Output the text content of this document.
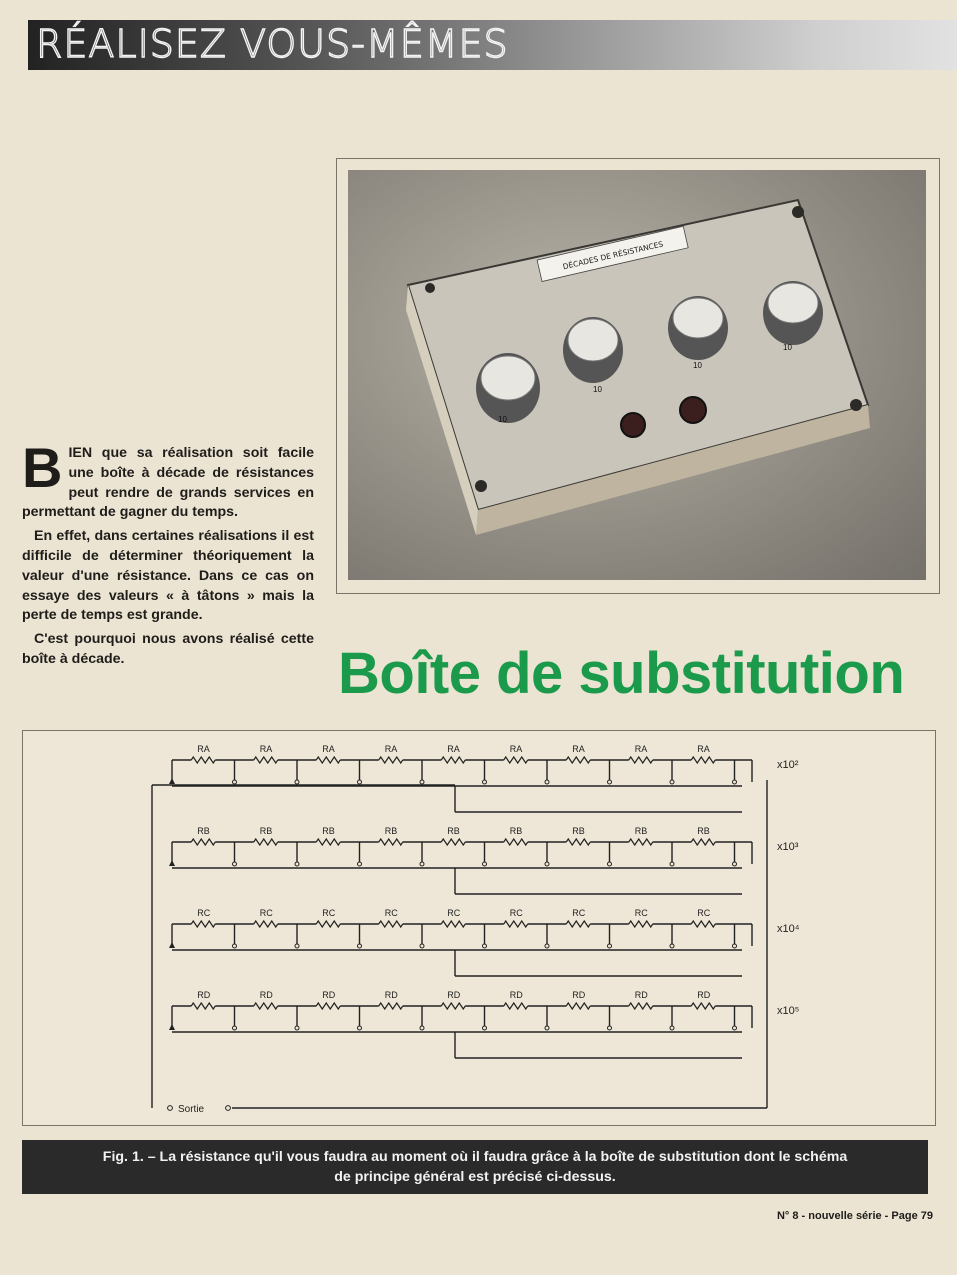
RÉALISEZ VOUS-MÊMES
DÉCADES DE RÉSISTANCES
10
10
10
10

BIEN que sa réalisation soit facile une boîte à décade de résistances peut rendre de grands services en permettant de gagner du temps.

En effet, dans certaines réalisations il est difficile de déterminer théoriquement la valeur d'une résistance. Dans ce cas on essaye des valeurs « à tâtons » mais la perte de temps est grande.

C'est pourquoi nous avons réalisé cette boîte à décade.	Boîte de substitution
RA	RA	RA	RA	RA	RA	RA	RA	RA
x10²
RB	RB	RB	RB	RB	RB	RB	RB	RB
x10³
RC	RC	RC	RC	RC	RC	RC	RC	RC
x10⁴
RD	RD	RD	RD	RD	RD	RD	RD	RD
x10⁵
Sortie
Fig. 1. – La résistance qu'il vous faudra au moment où il faudra grâce à la boîte de substitution dont le schéma
de principe général est précisé ci-dessus.
N° 8 - nouvelle série - Page 79
